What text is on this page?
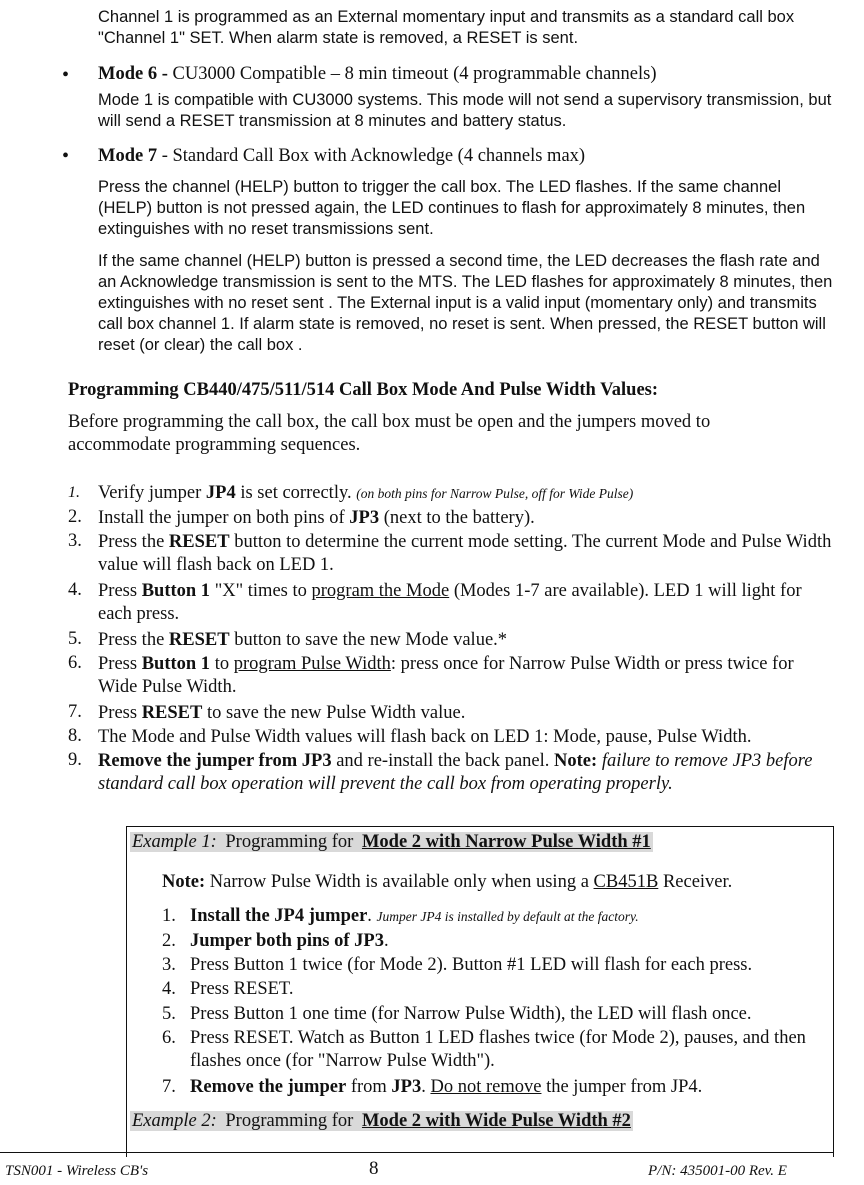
Channel 1 is programmed as an External momentary input and transmits as a standard call box "Channel 1" SET. When alarm state is removed, a RESET is sent.

• Mode 6 - CU3000 Compatible – 8 min timeout (4 programmable channels)

Mode 1 is compatible with CU3000 systems. This mode will not send a supervisory transmission, but will send a RESET transmission at 8 minutes and battery status.

• Mode 7 - Standard Call Box with Acknowledge (4 channels max)

Press the channel (HELP) button to trigger the call box. The LED flashes. If the same channel (HELP) button is not pressed again, the LED continues to flash for approximately 8 minutes, then extinguishes with no reset transmissions sent.

If the same channel (HELP) button is pressed a second time, the LED decreases the flash rate and an Acknowledge transmission is sent to the MTS. The LED flashes for approximately 8 minutes, then extinguishes with no reset sent . The External input is a valid input (momentary only) and transmits call box channel 1. If alarm state is removed, no reset is sent. When pressed, the RESET button will reset (or clear) the call box .

Programming CB440/475/511/514 Call Box Mode And Pulse Width Values:

Before programming the call box, the call box must be open and the jumpers moved to accommodate programming sequences.

1. Verify jumper JP4 is set correctly. (on both pins for Narrow Pulse, off for Wide Pulse)

2. Install the jumper on both pins of JP3 (next to the battery).

3. Press the RESET button to determine the current mode setting. The current Mode and Pulse Width value will flash back on LED 1.

4. Press Button 1 "X" times to program the Mode (Modes 1-7 are available). LED 1 will light for each press.

5. Press the RESET button to save the new Mode value.*

6. Press Button 1 to program Pulse Width: press once for Narrow Pulse Width or press twice for Wide Pulse Width.

7. Press RESET to save the new Pulse Width value.

8. The Mode and Pulse Width values will flash back on LED 1: Mode, pause, Pulse Width.

9. Remove the jumper from JP3 and re-install the back panel. Note: failure to remove JP3 before standard call box operation will prevent the call box from operating properly.

Example 1: Programming for Mode 2 with Narrow Pulse Width #1

Note: Narrow Pulse Width is available only when using a CB451B Receiver.

1. Install the JP4 jumper. Jumper JP4 is installed by default at the factory.

2. Jumper both pins of JP3.

3. Press Button 1 twice (for Mode 2). Button #1 LED will flash for each press.

4. Press RESET.

5. Press Button 1 one time (for Narrow Pulse Width), the LED will flash once.

6. Press RESET. Watch as Button 1 LED flashes twice (for Mode 2), pauses, and then flashes once (for "Narrow Pulse Width").

7. Remove the jumper from JP3. Do not remove the jumper from JP4.

Example 2: Programming for Mode 2 with Wide Pulse Width #2

TSN001 - Wireless CB's	8	P/N: 435001-00 Rev. E
